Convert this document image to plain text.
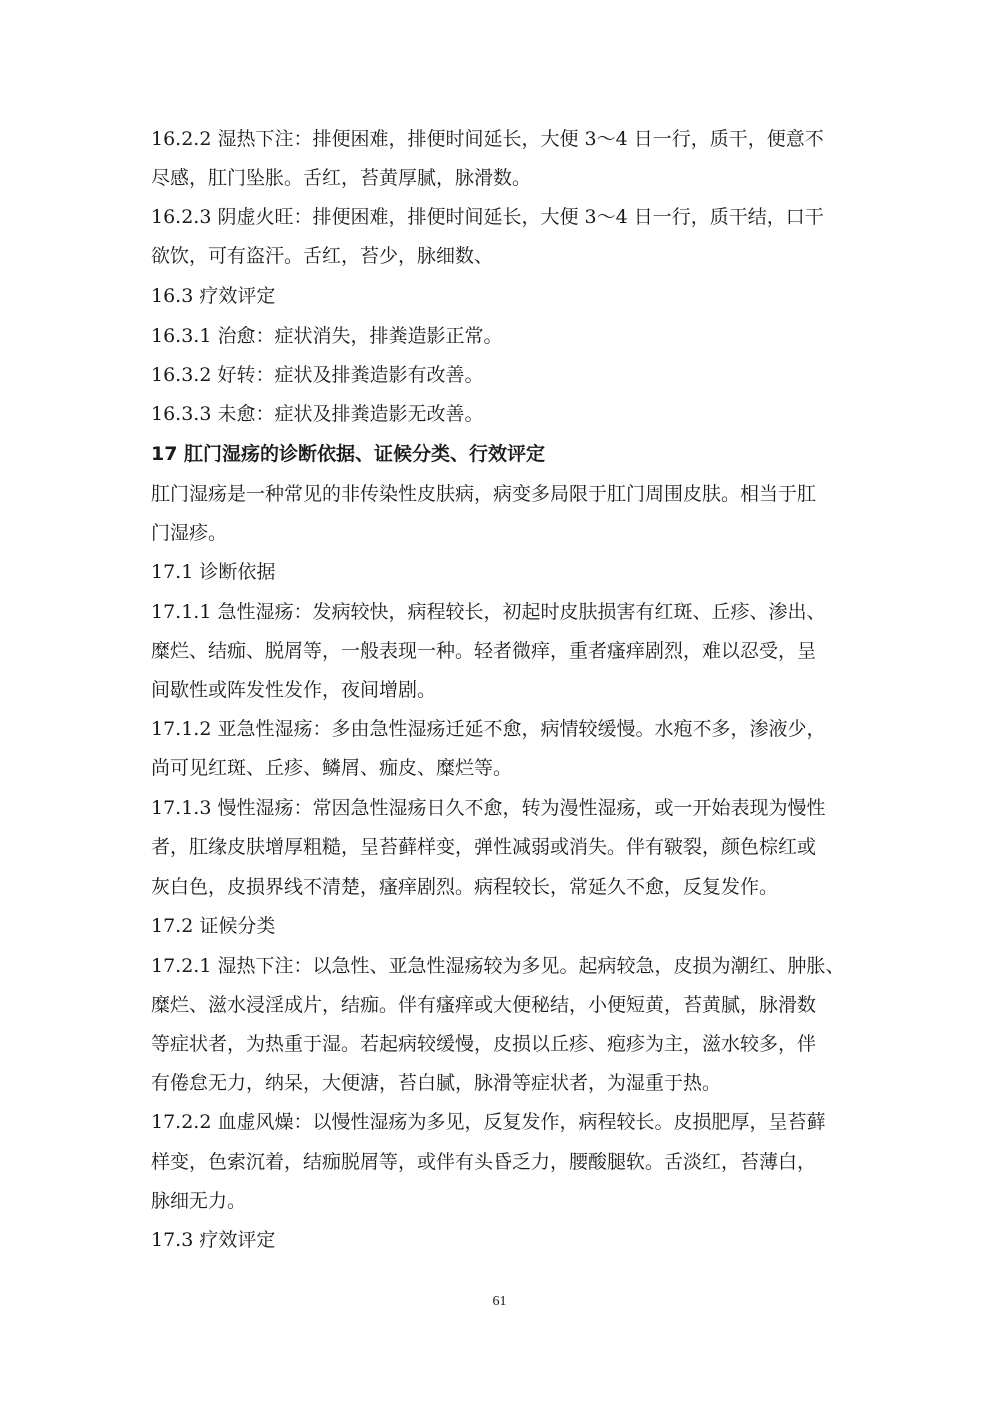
16.2.2 湿热下注：排便困难，排便时间延长，大便 3～4 日一行，质干，便意不
尽感，肛门坠胀。舌红，苔黄厚腻，脉滑数。
16.2.3 阴虚火旺：排便困难，排便时间延长，大便 3～4 日一行，质干结，口干
欲饮，可有盗汗。舌红，苔少，脉细数、
16.3 疗效评定
16.3.1 治愈：症状消失，排粪造影正常。
16.3.2 好转：症状及排粪造影有改善。
16.3.3 未愈：症状及排粪造影无改善。
17 肛门湿疡的诊断依据、证候分类、行效评定
肛门湿疡是一种常见的非传染性皮肤病，病变多局限于肛门周围皮肤。相当于肛
门湿疹。
17.1 诊断依据
17.1.1 急性湿疡：发病较快，病程较长，初起时皮肤损害有红斑、丘疹、渗出、
糜烂、结痂、脱屑等，一般表现一种。轻者微痒，重者瘙痒剧烈，难以忍受，呈
间歇性或阵发性发作，夜间增剧。
17.1.2 亚急性湿疡：多由急性湿疡迁延不愈，病情较缓慢。水疱不多，渗液少，
尚可见红斑、丘疹、鳞屑、痂皮、糜烂等。
17.1.3 慢性湿疡：常因急性湿疡日久不愈，转为漫性湿疡，或一开始表现为慢性
者，肛缘皮肤增厚粗糙，呈苔藓样变，弹性减弱或消失。伴有皲裂，颜色棕红或
灰白色，皮损界线不清楚，瘙痒剧烈。病程较长，常延久不愈，反复发作。
17.2 证候分类
17.2.1 湿热下注：以急性、亚急性湿疡较为多见。起病较急，皮损为潮红、肿胀、
糜烂、滋水浸淫成片，结痂。伴有瘙痒或大便秘结，小便短黄，苔黄腻，脉滑数
等症状者，为热重于湿。若起病较缓慢，皮损以丘疹、疱疹为主，滋水较多，伴
有倦怠无力，纳呆，大便溏，苔白腻，脉滑等症状者，为湿重于热。
17.2.2 血虚风燥：以慢性湿疡为多见，反复发作，病程较长。皮损肥厚，呈苔藓
样变，色索沉着，结痂脱屑等，或伴有头昏乏力，腰酸腿软。舌淡红，苔薄白，
脉细无力。
17.3 疗效评定
61
